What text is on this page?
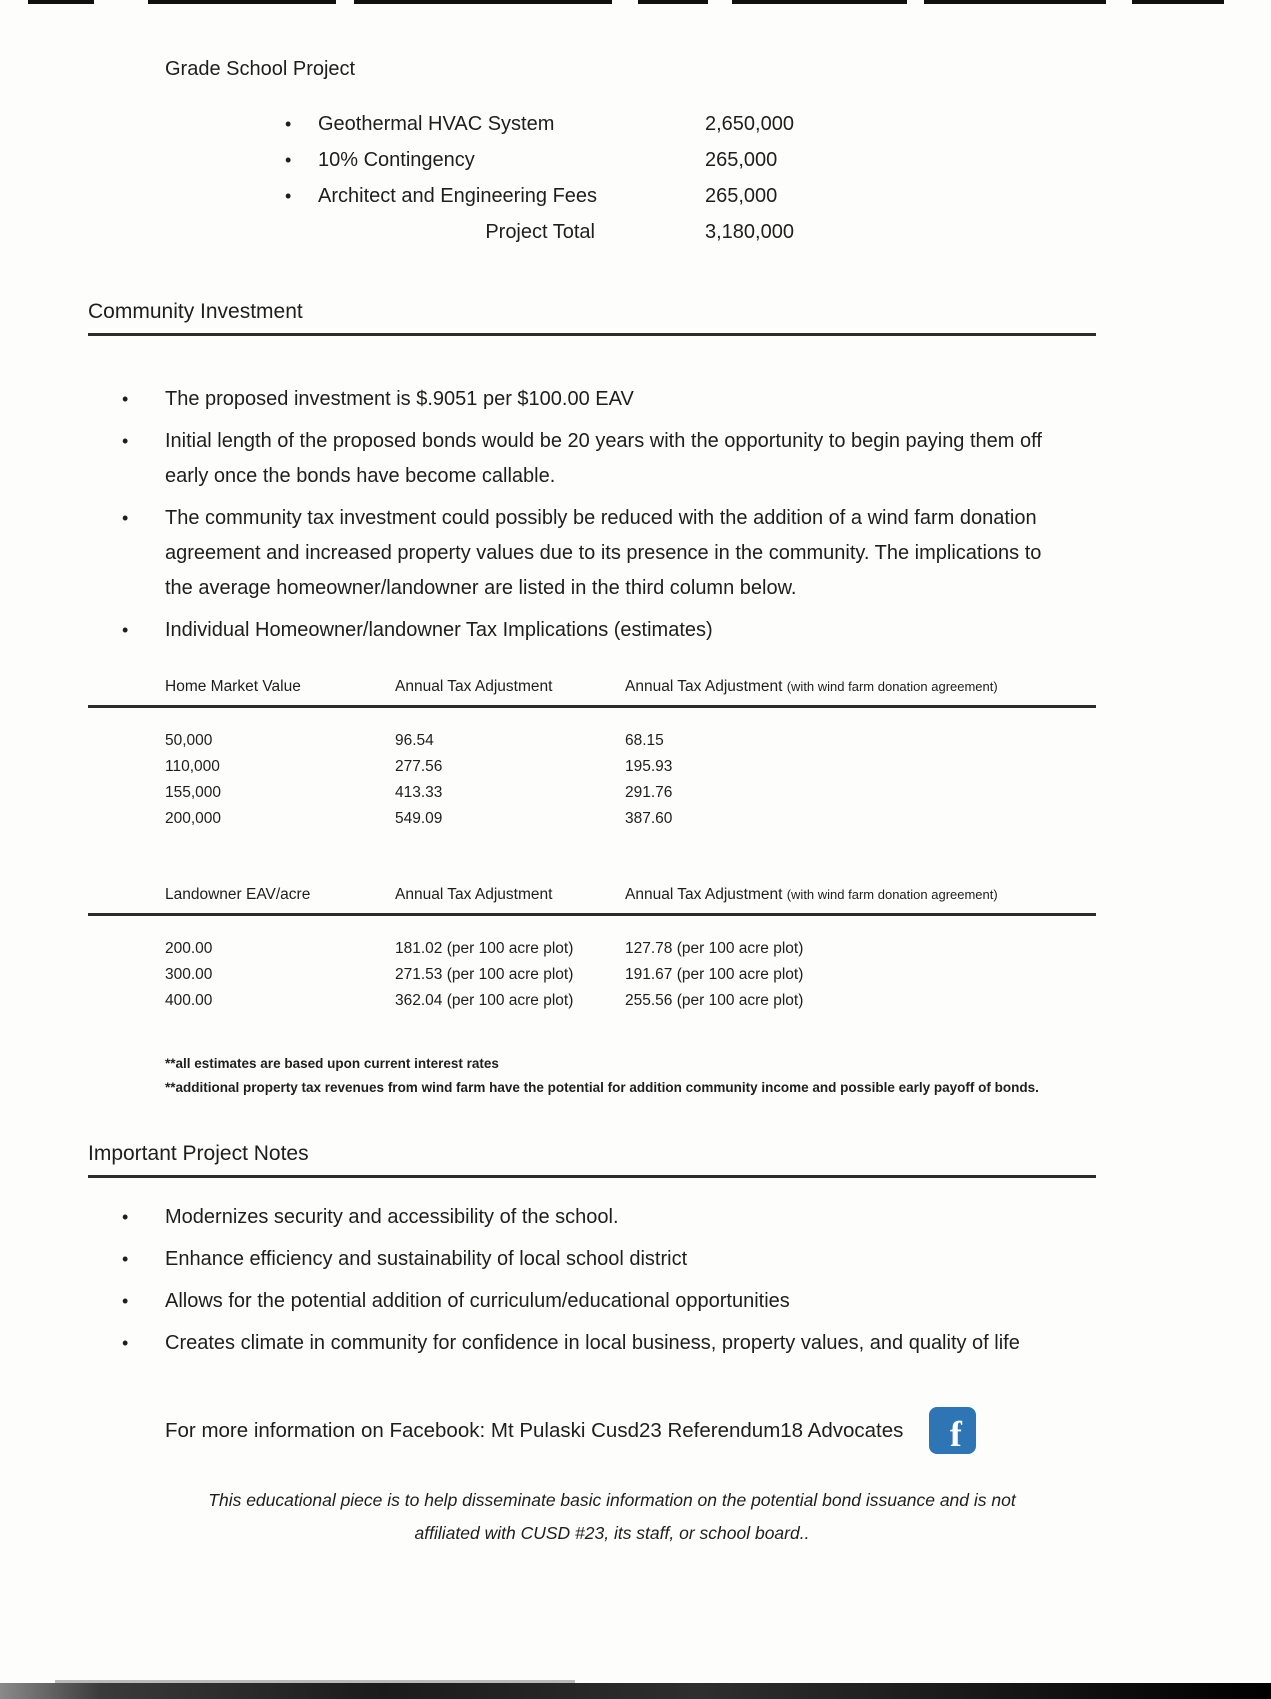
Grade School Project
•
Geothermal HVAC System	2,650,000
•
10% Contingency	265,000
•
Architect and Engineering Fees	265,000
Project Total	3,180,000
Community Investment
•
The proposed investment is $.9051 per $100.00 EAV
•
Initial length of the proposed bonds would be 20 years with the opportunity to begin paying them off early once the bonds have become callable.
•
The community tax investment could possibly be reduced with the addition of a wind farm donation agreement and increased property values due to its presence in the community. The implications to the average homeowner/landowner are listed in the third column below.
•
Individual Homeowner/landowner Tax Implications (estimates)
Home Market Value	Annual Tax Adjustment	Annual Tax Adjustment (with wind farm donation agreement)
50,000	96.54	68.15
110,000	277.56	195.93
155,000	413.33	291.76
200,000	549.09	387.60
Landowner EAV/acre	Annual Tax Adjustment	Annual Tax Adjustment (with wind farm donation agreement)
200.00	181.02 (per 100 acre plot)	127.78 (per 100 acre plot)
300.00	271.53 (per 100 acre plot)	191.67 (per 100 acre plot)
400.00	362.04 (per 100 acre plot)	255.56 (per 100 acre plot)
**all estimates are based upon current interest rates
**additional property tax revenues from wind farm have the potential for addition community income and possible early payoff of bonds.
Important Project Notes
•
Modernizes security and accessibility of the school.
•
Enhance efficiency and sustainability of local school district
•
Allows for the potential addition of curriculum/educational opportunities
•
Creates climate in community for confidence in local business, property values, and quality of life
For more information on Facebook: Mt Pulaski Cusd23 Referendum18 Advocates	f
This educational piece is to help disseminate basic information on the potential bond issuance and is not
affiliated with CUSD #23, its staff, or school board..
